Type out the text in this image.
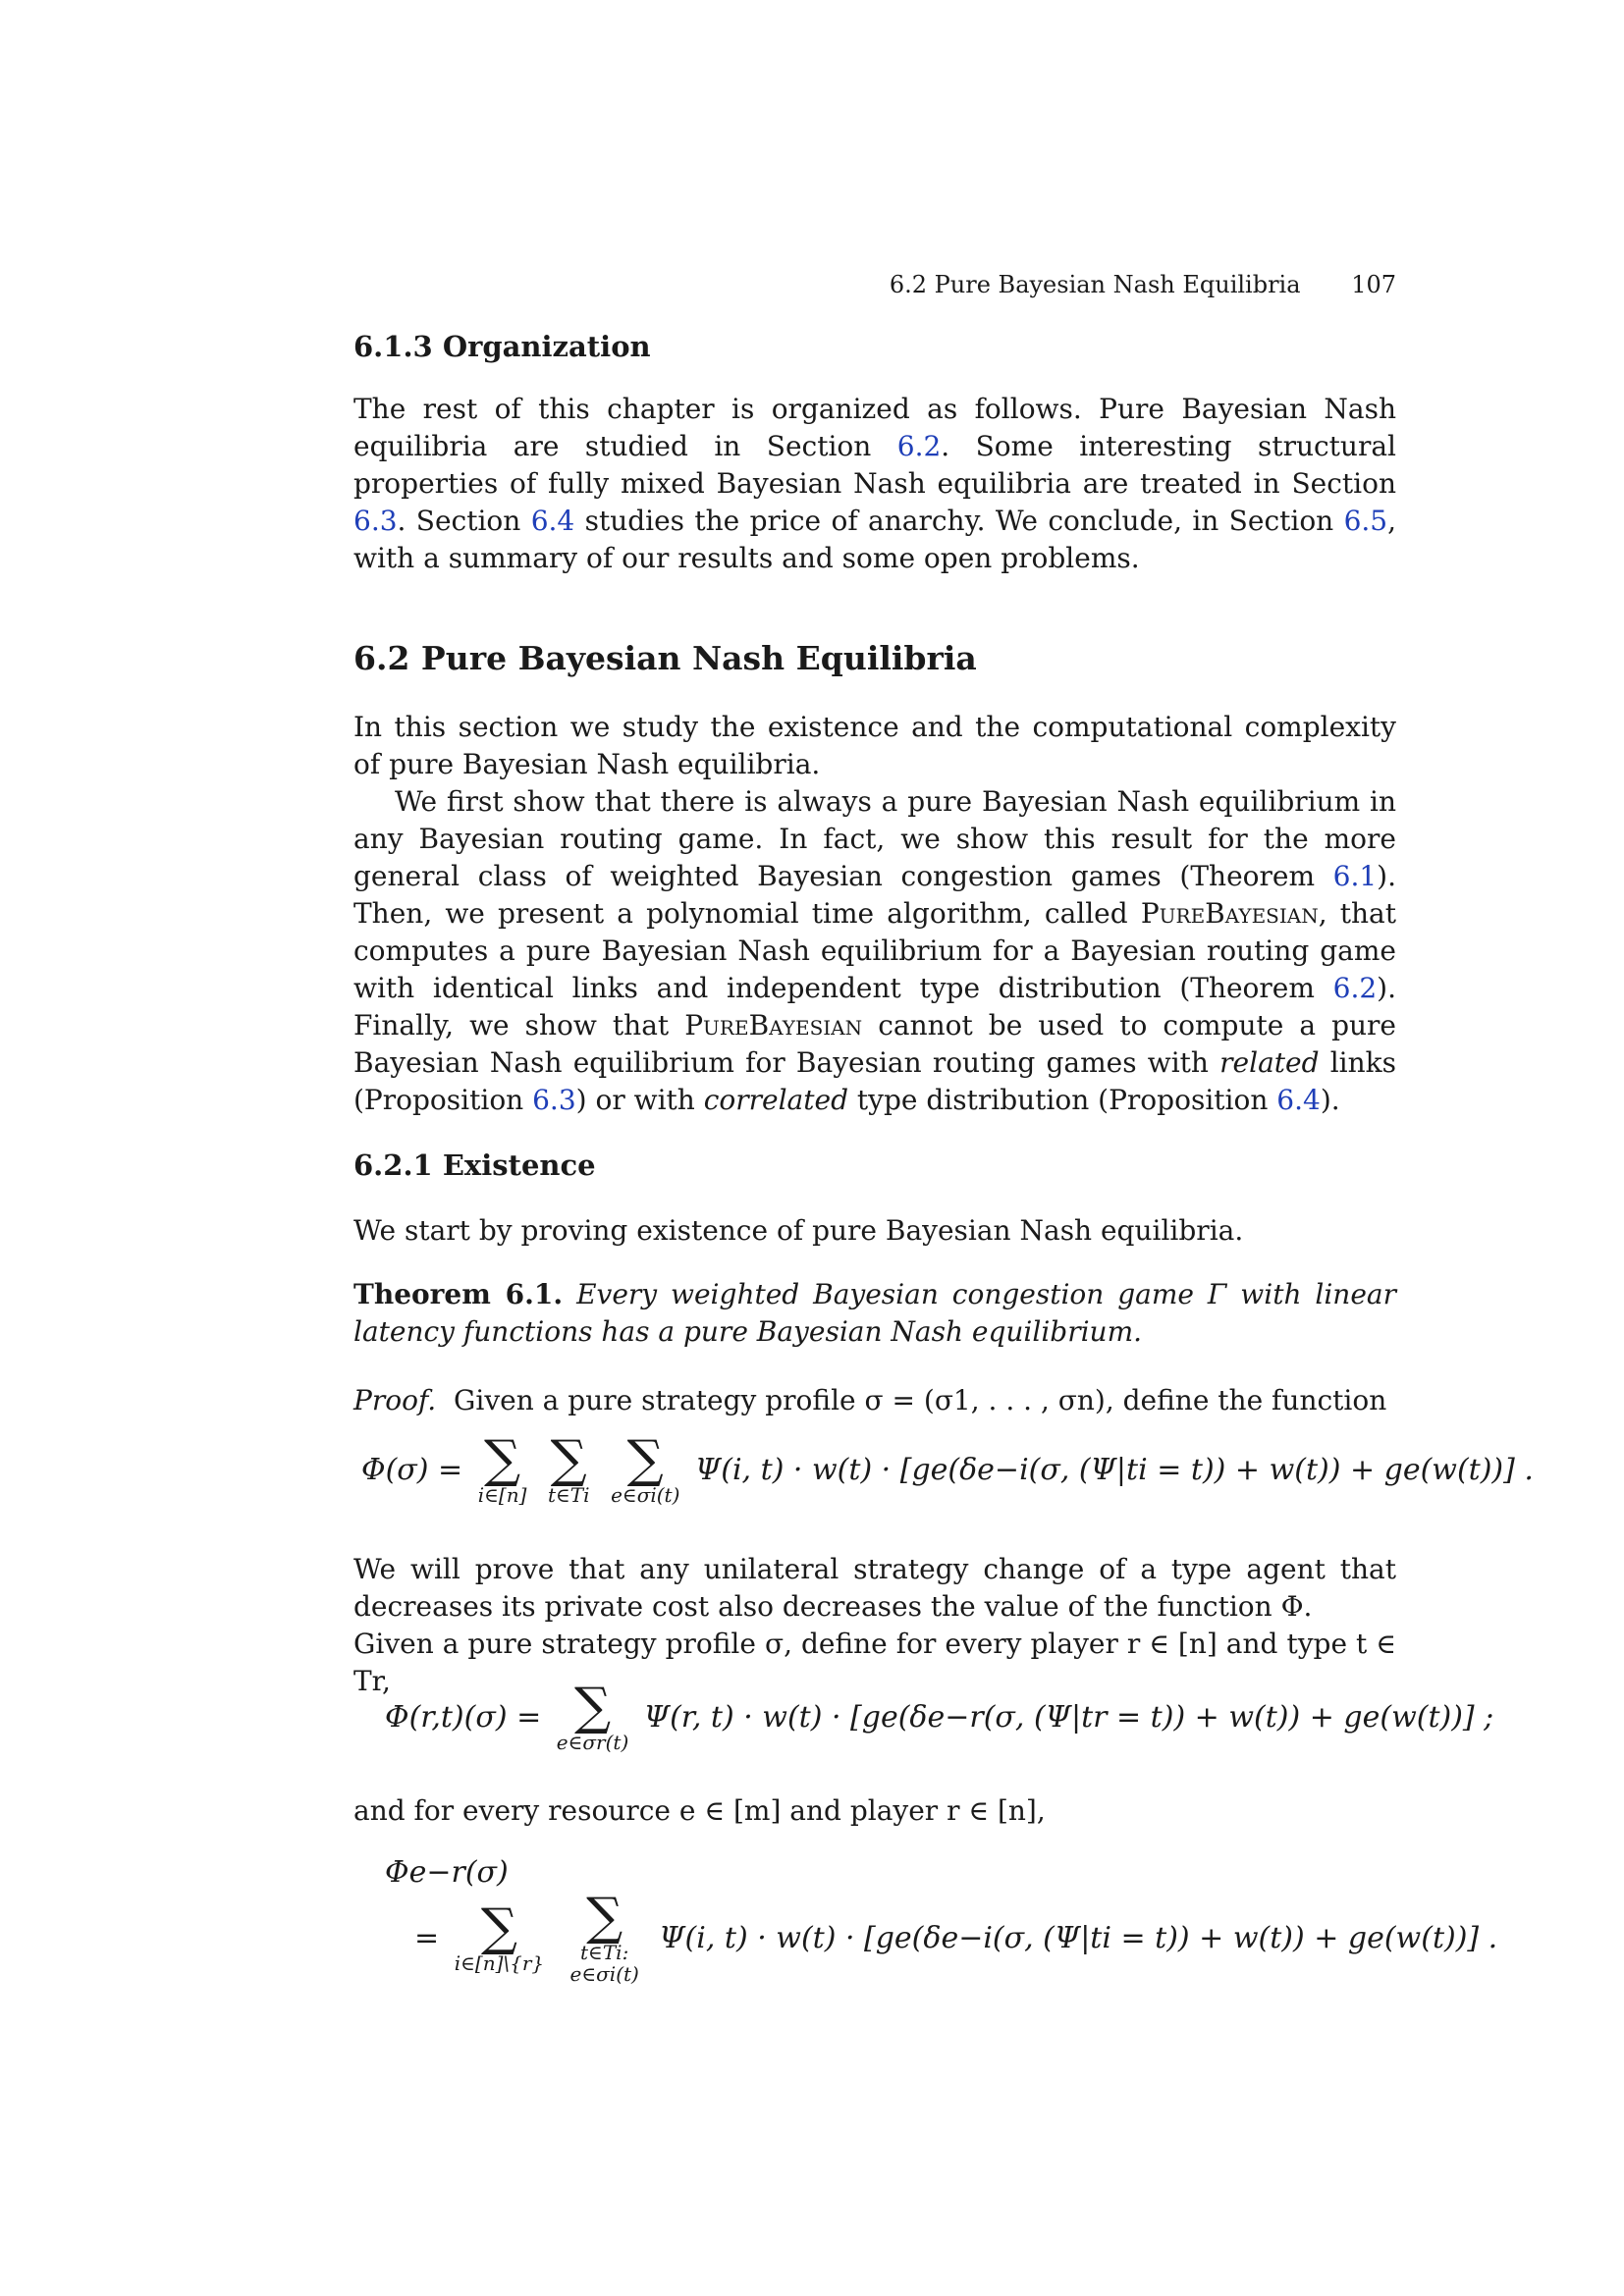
6.2 Pure Bayesian Nash Equilibria 107
6.1.3 Organization

The rest of this chapter is organized as follows. Pure Bayesian Nash equilibria are studied in Section 6.2. Some interesting structural properties of fully mixed Bayesian Nash equilibria are treated in Section 6.3. Section 6.4 studies the price of anarchy. We conclude, in Section 6.5, with a summary of our results and some open problems.

6.2 Pure Bayesian Nash Equilibria

In this section we study the existence and the computational complexity of pure Bayesian Nash equilibria.

We first show that there is always a pure Bayesian Nash equilibrium in any Bayesian routing game. In fact, we show this result for the more general class of weighted Bayesian congestion games (Theorem 6.1). Then, we present a polynomial time algorithm, called PureBayesian, that computes a pure Bayesian Nash equilibrium for a Bayesian routing game with identical links and independent type distribution (Theorem 6.2). Finally, we show that PureBayesian cannot be used to compute a pure Bayesian Nash equilibrium for Bayesian routing games with related links (Proposition 6.3) or with correlated type distribution (Proposition 6.4).

6.2.1 Existence

We start by proving existence of pure Bayesian Nash equilibria.

Theorem 6.1. Every weighted Bayesian congestion game Γ with linear latency functions has a pure Bayesian Nash equilibrium.

Proof. Given a pure strategy profile σ = (σ1, . . . , σn), define the function

Φ(σ) = ∑
i∈[n]

∑
t∈Ti

∑
e∈σi(t)
Ψ(i, t) · w(t) · [ge(δe−i(σ, (Ψ|ti = t)) + w(t)) + ge(w(t))] .

We will prove that any unilateral strategy change of a type agent that decreases its private cost also decreases the value of the function Φ.

Given a pure strategy profile σ, define for every player r ∈ [n] and type t ∈ Tr,

Φ(r,t)(σ) = ∑
e∈σr(t)
Ψ(r, t) · w(t) · [ge(δe−r(σ, (Ψ|tr = t)) + w(t)) + ge(w(t))] ;

and for every resource e ∈ [m] and player r ∈ [n],

Φe−r(σ)
= ∑
i∈[n]\{r}

∑
t∈Ti: e∈σi(t)
Ψ(i, t) · w(t) · [ge(δe−i(σ, (Ψ|ti = t)) + w(t)) + ge(w(t))] .
